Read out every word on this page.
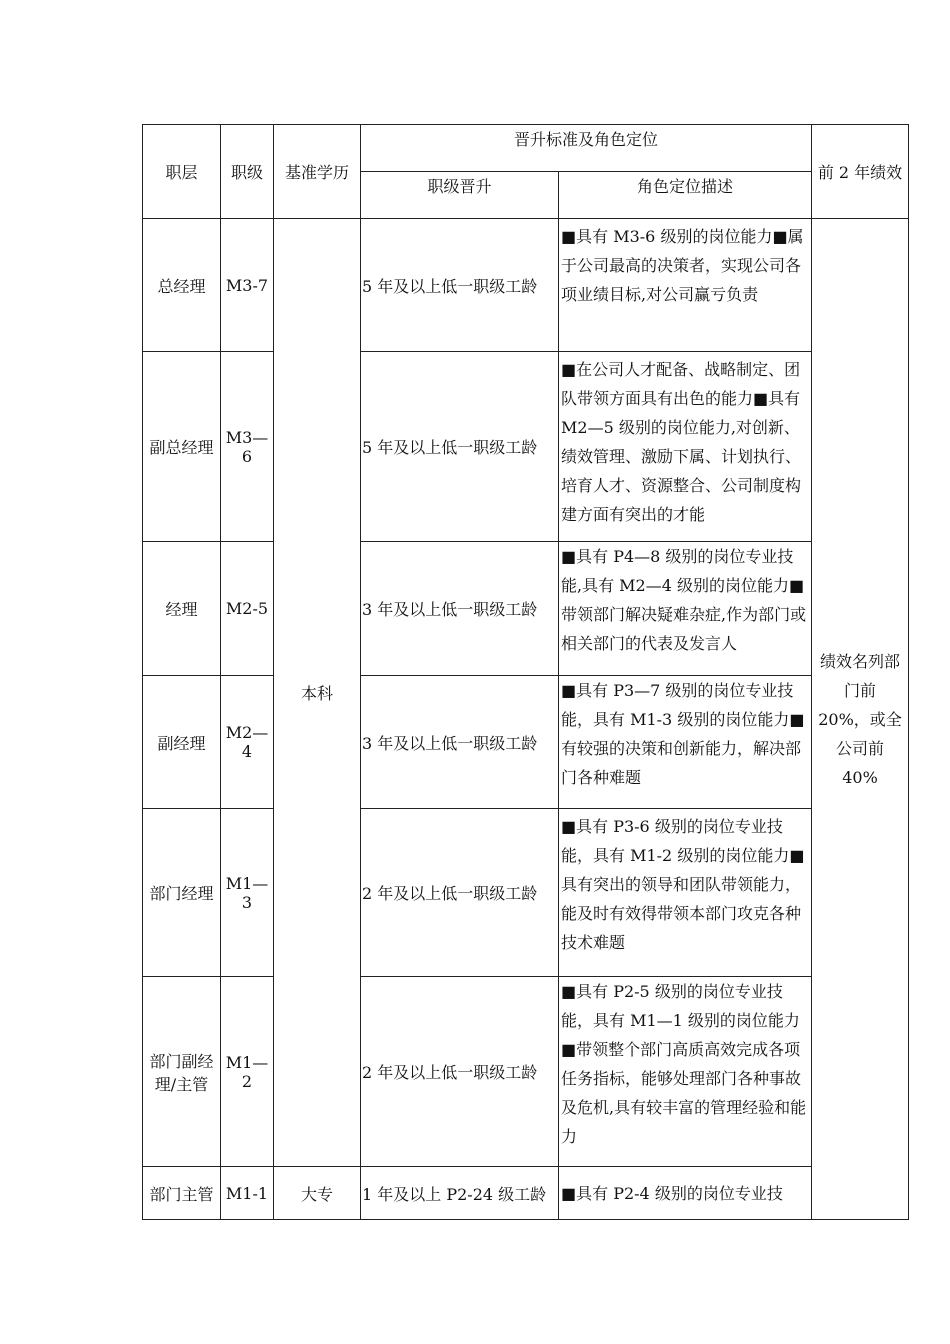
职层	职级	基准学历	晋升标准及角色定位		前 2 年绩效
			职级晋升	角色定位描述	
总经理	M3-7	本科	5 年及以上低一职级工龄	■具有 M3-6 级别的岗位能力■属于公司最高的决策者，实现公司各项业绩目标,对公司赢亏负责	绩效名列部门前 20%，或全公司前 40%
副总经理	M3—6		5 年及以上低一职级工龄	■在公司人才配备、战略制定、团队带领方面具有出色的能力■具有 M2—5 级别的岗位能力,对创新、绩效管理、激励下属、计划执行、培育人才、资源整合、公司制度构建方面有突出的才能	
经理	M2-5		3 年及以上低一职级工龄	■具有 P4—8 级别的岗位专业技能,具有 M2—4 级别的岗位能力■带领部门解决疑难杂症,作为部门或相关部门的代表及发言人	
副经理	M2—4		3 年及以上低一职级工龄	■具有 P3—7 级别的岗位专业技能，具有 M1-3 级别的岗位能力■有较强的决策和创新能力，解决部门各种难题	
部门经理	M1—3		2 年及以上低一职级工龄	■具有 P3-6 级别的岗位专业技能，具有 M1-2 级别的岗位能力■具有突出的领导和团队带领能力，能及时有效得带领本部门攻克各种技术难题	
部门副经理/主管	M1—2		2 年及以上低一职级工龄	■具有 P2-5 级别的岗位专业技能，具有 M1—1 级别的岗位能力■带领整个部门高质高效完成各项任务指标，能够处理部门各种事故及危机,具有较丰富的管理经验和能力	
部门主管	M1-1	大专	1 年及以上 P2-24 级工龄	■具有 P2-4 级别的岗位专业技	
